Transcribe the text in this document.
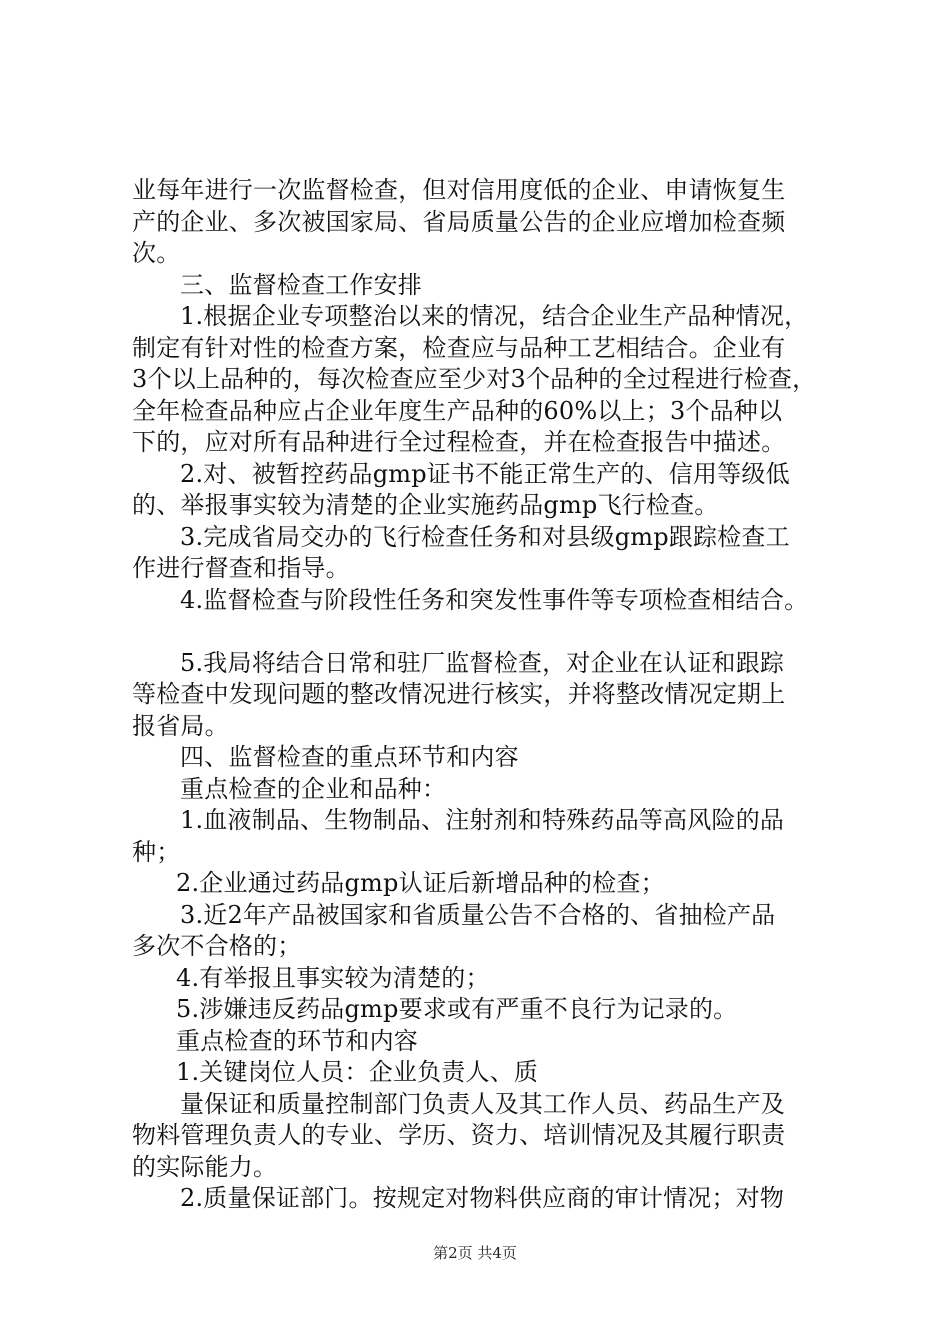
业每年进行一次监督检查，但对信用度低的企业、申请恢复生
产的企业、多次被国家局、省局质量公告的企业应增加检查频
次。
三、监督检查工作安排
1.根据企业专项整治以来的情况，结合企业生产品种情况，
制定有针对性的检查方案，检查应与品种工艺相结合。企业有
3个以上品种的，每次检查应至少对3个品种的全过程进行检查，
全年检查品种应占企业年度生产品种的60%以上；3个品种以
下的，应对所有品种进行全过程检查，并在检查报告中描述。
2.对、被暂控药品gmp证书不能正常生产的、信用等级低
的、举报事实较为清楚的企业实施药品gmp飞行检查。
3.完成省局交办的飞行检查任务和对县级gmp跟踪检查工
作进行督查和指导。
4.监督检查与阶段性任务和突发性事件等专项检查相结合。
5.我局将结合日常和驻厂监督检查，对企业在认证和跟踪
等检查中发现问题的整改情况进行核实，并将整改情况定期上
报省局。
四、监督检查的重点环节和内容
重点检查的企业和品种：
1.血液制品、生物制品、注射剂和特殊药品等高风险的品
种；
2.企业通过药品gmp认证后新增品种的检查；
3.近2年产品被国家和省质量公告不合格的、省抽检产品
多次不合格的；
4.有举报且事实较为清楚的；
5.涉嫌违反药品gmp要求或有严重不良行为记录的。
重点检查的环节和内容
1.关键岗位人员：企业负责人、质
量保证和质量控制部门负责人及其工作人员、药品生产及
物料管理负责人的专业、学历、资力、培训情况及其履行职责
的实际能力。
2.质量保证部门。按规定对物料供应商的审计情况；对物
第2页 共4页
